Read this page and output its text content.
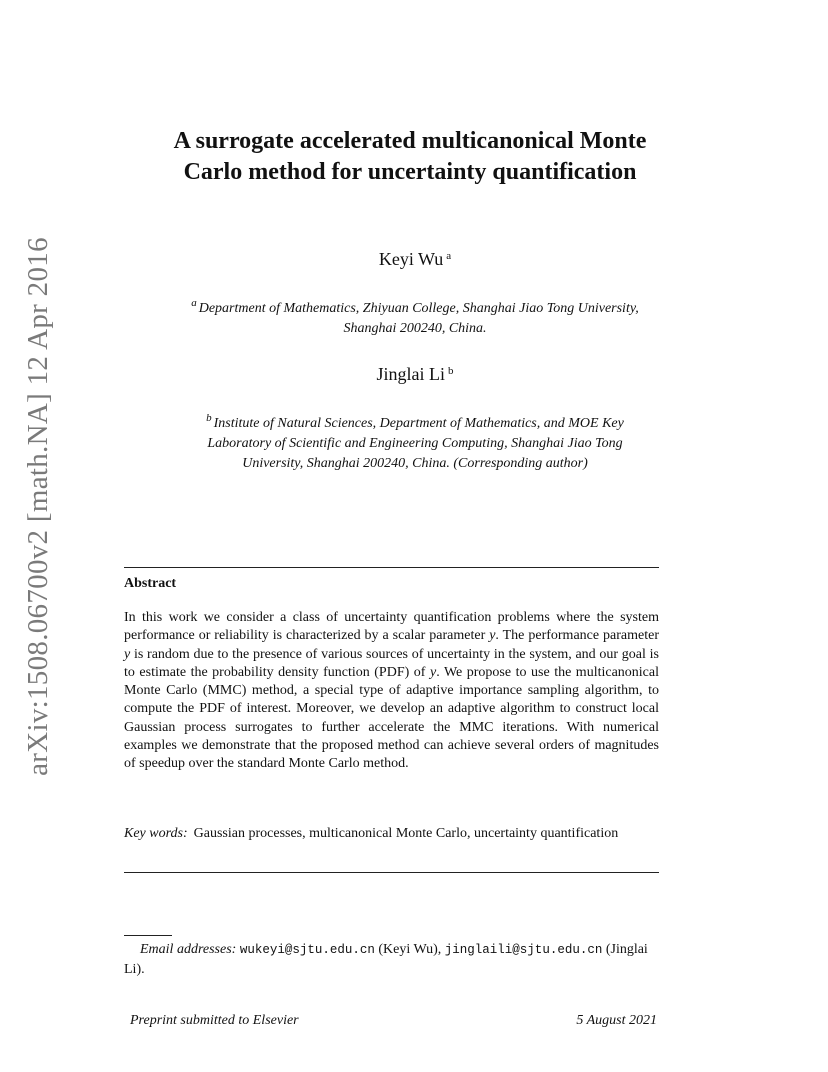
arXiv:1508.06700v2 [math.NA] 12 Apr 2016
A surrogate accelerated multicanonical Monte
Carlo method for uncertainty quantification
Keyi Wu $^a$
$^a$ Department of Mathematics, Zhiyuan College, Shanghai Jiao Tong University,
Shanghai 200240, China.
Jinglai Li $^b$
$^b$ Institute of Natural Sciences, Department of Mathematics, and MOE Key
Laboratory of Scientific and Engineering Computing, Shanghai Jiao Tong
University, Shanghai 200240, China. (Corresponding author)
Abstract
In this work we consider a class of uncertainty quantification problems where the system performance or reliability is characterized by a scalar parameter y. The performance parameter y is random due to the presence of various sources of uncertainty in the system, and our goal is to estimate the probability density function (PDF) of y. We propose to use the multicanonical Monte Carlo (MMC) method, a special type of adaptive importance sampling algorithm, to compute the PDF of interest. Moreover, we develop an adaptive algorithm to construct local Gaussian process surrogates to further accelerate the MMC iterations. With numerical examples we demonstrate that the proposed method can achieve several orders of magnitudes of speedup over the standard Monte Carlo method.
Key words: Gaussian processes, multicanonical Monte Carlo, uncertainty quantification
Email addresses: wukeyi@sjtu.edu.cn (Keyi Wu), jinglaili@sjtu.edu.cn (Jinglai Li).
Preprint submitted to Elsevier	5 August 2021
